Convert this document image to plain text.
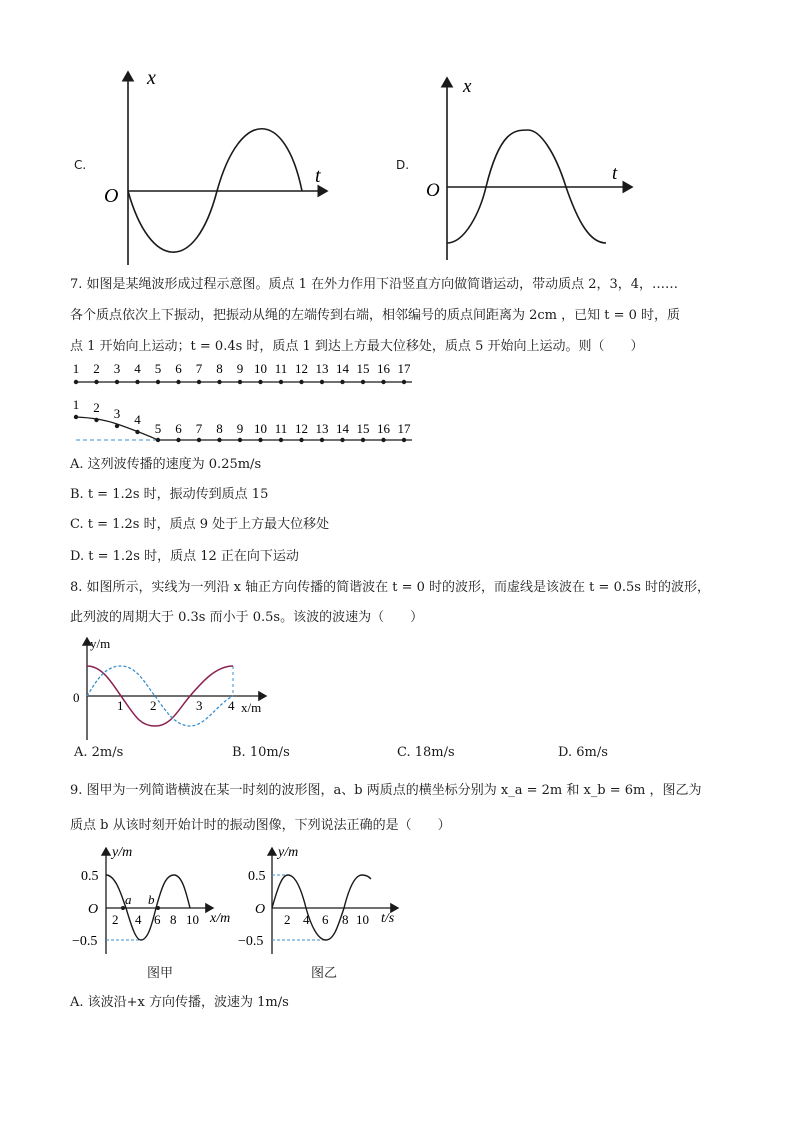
C.
x
t
O
D.
x
t
O
7. 如图是某绳波形成过程示意图。质点 1 在外力作用下沿竖直方向做简谐运动，带动质点 2，3，4，……
各个质点依次上下振动，把振动从绳的左端传到右端，相邻编号的质点间距离为 2cm ，已知 t = 0 时，质
点 1 开始向上运动；t = 0.4s 时，质点 1 到达上方最大位移处，质点 5 开始向上运动。则（　　）
1 2 3 4 5 6 7 8 9 10 11 12 13 14 15 16 17
1 2 3 4
5 6 7 8 9 10 11 12 13 14 15 16 17
A. 这列波传播的速度为 0.25m/s
B. t = 1.2s 时，振动传到质点 15
C. t = 1.2s 时，质点 9 处于上方最大位移处
D. t = 1.2s 时，质点 12 正在向下运动
8. 如图所示，实线为一列沿 x 轴正方向传播的简谐波在 t = 0 时的波形，而虚线是该波在 t = 0.5s 时的波形，
此列波的周期大于 0.3s 而小于 0.5s。该波的波速为（　　）
y/m
x/m
0
1 2	3 4
A. 2m/s	B. 10m/s	C. 18m/s	D. 6m/s
9. 图甲为一列简谐横波在某一时刻的波形图，a、b 两质点的横坐标分别为 x_a = 2m 和 x_b = 6m ，图乙为
质点 b 从该时刻开始计时的振动图像，下列说法正确的是（　　）
y/m
x/m
O
0.5
−0.5
a b
2 4 6 8 10
图甲
y/m
t/s
O
0.5
−0.5
2 4 6 8 10
图乙
A. 该波沿+x 方向传播，波速为 1m/s
